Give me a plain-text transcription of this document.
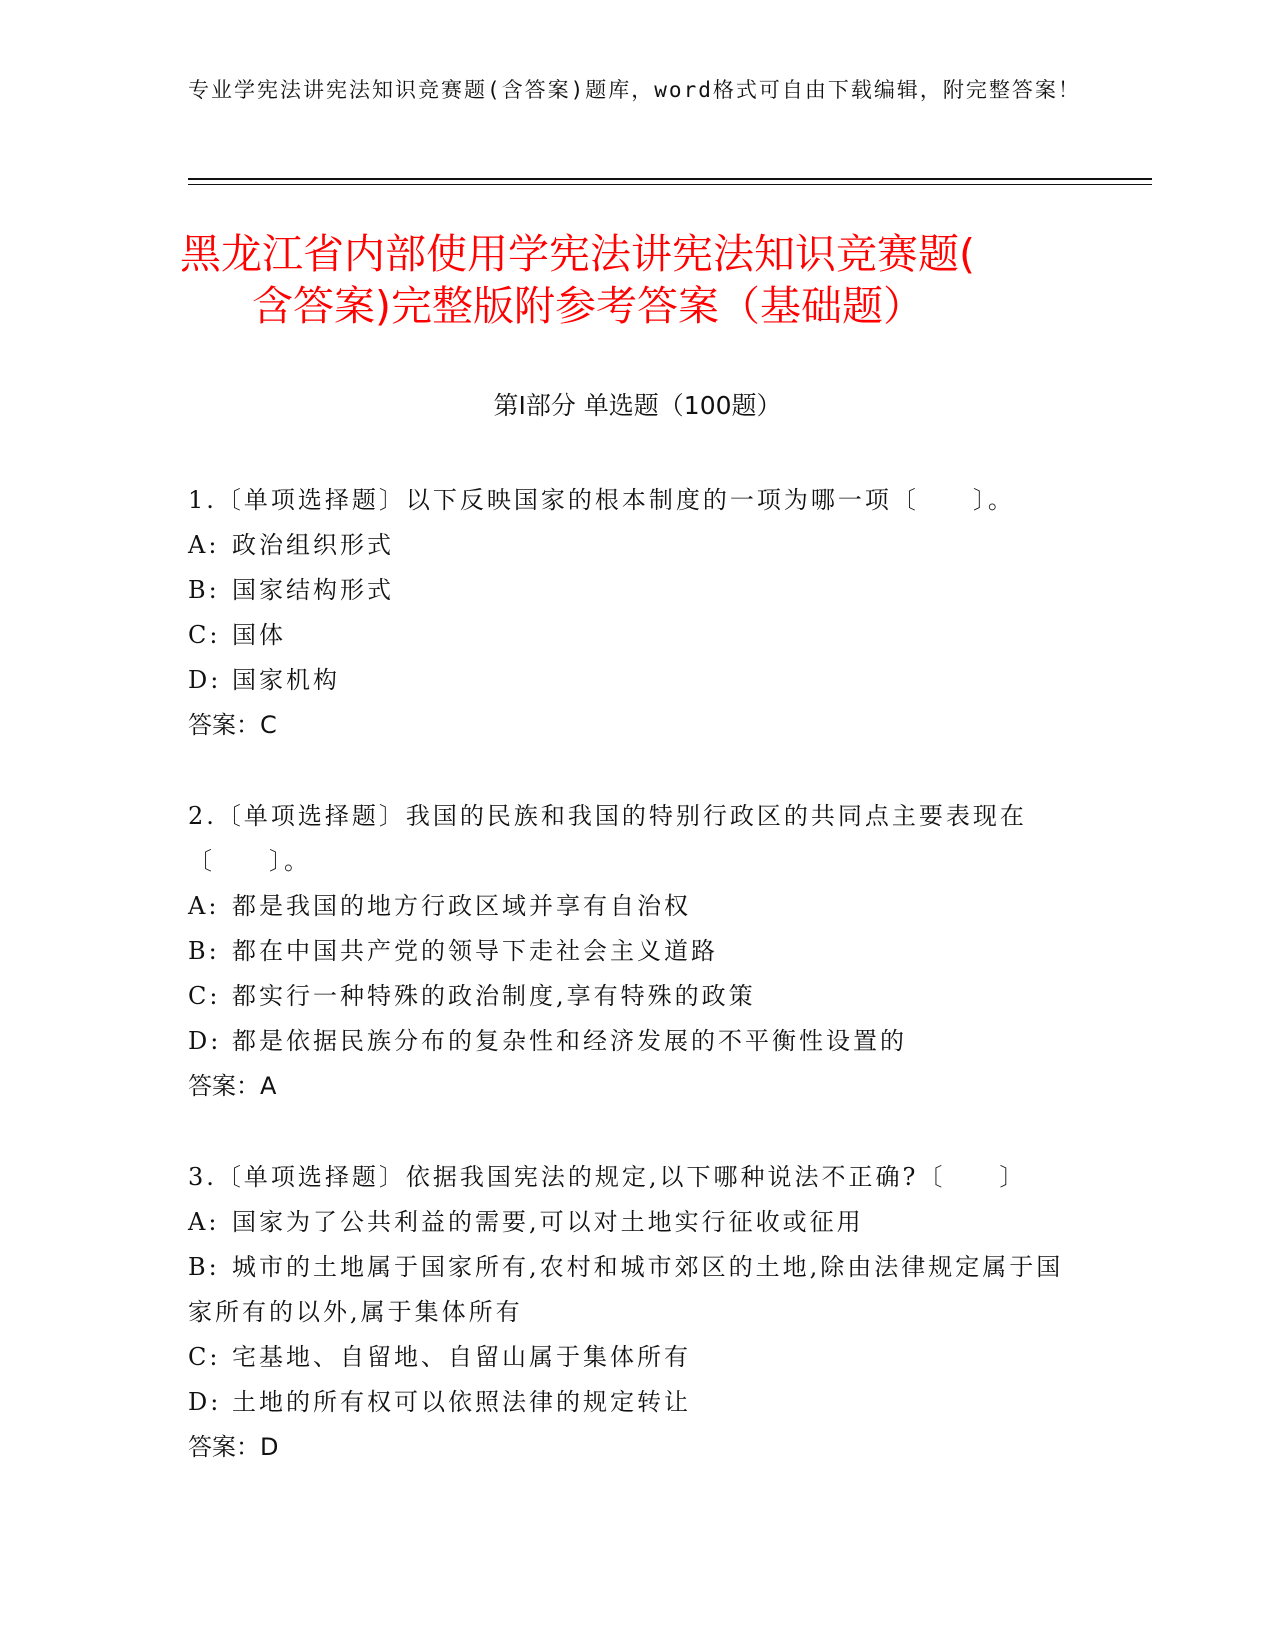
专业学宪法讲宪法知识竞赛题(含答案)题库，word格式可自由下载编辑，附完整答案！
黑龙江省内部使用学宪法讲宪法知识竞赛题(
含答案)完整版附参考答案（基础题）
第Ⅰ部分 单选题（100题）
1.〔单项选择题〕以下反映国家的根本制度的一项为哪一项〔　　〕。
A: 政治组织形式
B: 国家结构形式
C: 国体
D: 国家机构
答案：C
2.〔单项选择题〕我国的民族和我国的特别行政区的共同点主要表现在〔　　〕。
A: 都是我国的地方行政区域并享有自治权
B: 都在中国共产党的领导下走社会主义道路
C: 都实行一种特殊的政治制度,享有特殊的政策
D: 都是依据民族分布的复杂性和经济发展的不平衡性设置的
答案：A
3.〔单项选择题〕依据我国宪法的规定,以下哪种说法不正确?〔　　〕
A: 国家为了公共利益的需要,可以对土地实行征收或征用
B: 城市的土地属于国家所有,农村和城市郊区的土地,除由法律规定属于国家所有的以外,属于集体所有
C: 宅基地、自留地、自留山属于集体所有
D: 土地的所有权可以依照法律的规定转让
答案：D
